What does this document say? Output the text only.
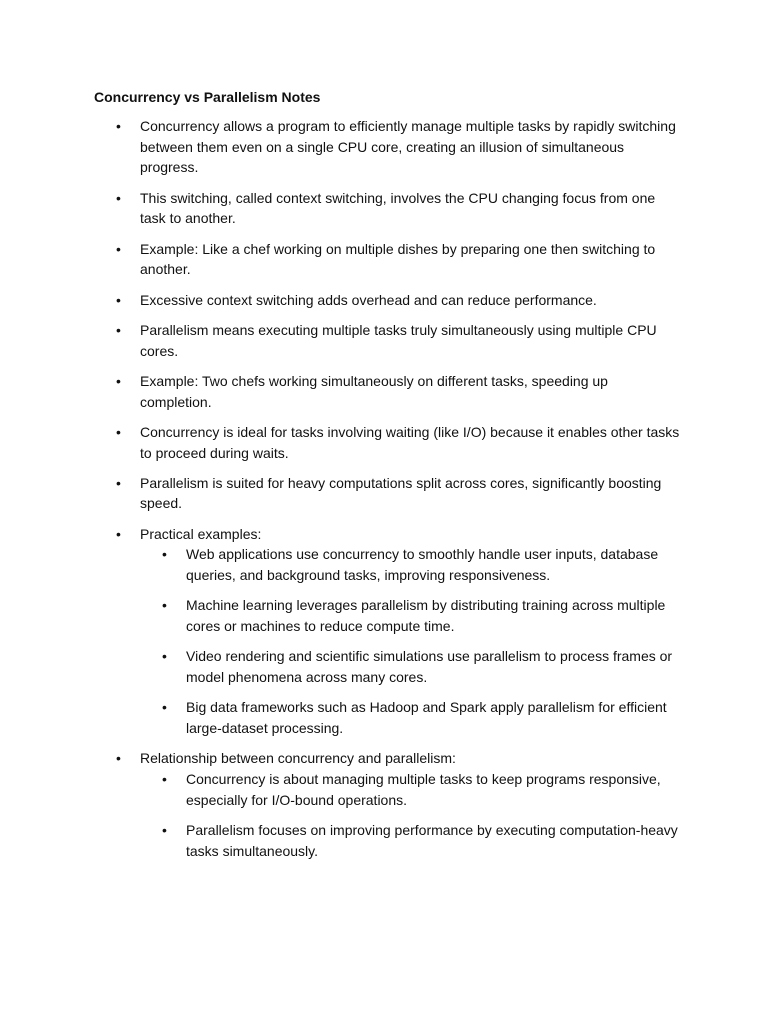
Concurrency vs Parallelism Notes
• Concurrency allows a program to efficiently manage multiple tasks by rapidly switching between them even on a single CPU core, creating an illusion of simultaneous progress.
• This switching, called context switching, involves the CPU changing focus from one task to another.
• Example: Like a chef working on multiple dishes by preparing one then switching to another.
• Excessive context switching adds overhead and can reduce performance.
• Parallelism means executing multiple tasks truly simultaneously using multiple CPU cores.
• Example: Two chefs working simultaneously on different tasks, speeding up completion.
• Concurrency is ideal for tasks involving waiting (like I/O) because it enables other tasks to proceed during waits.
• Parallelism is suited for heavy computations split across cores, significantly boosting speed.
• Practical examples:
• Web applications use concurrency to smoothly handle user inputs, database queries, and background tasks, improving responsiveness.
• Machine learning leverages parallelism by distributing training across multiple cores or machines to reduce compute time.
• Video rendering and scientific simulations use parallelism to process frames or model phenomena across many cores.
• Big data frameworks such as Hadoop and Spark apply parallelism for efficient large-dataset processing.
• Relationship between concurrency and parallelism:
• Concurrency is about managing multiple tasks to keep programs responsive, especially for I/O-bound operations.
• Parallelism focuses on improving performance by executing computation-heavy tasks simultaneously.
